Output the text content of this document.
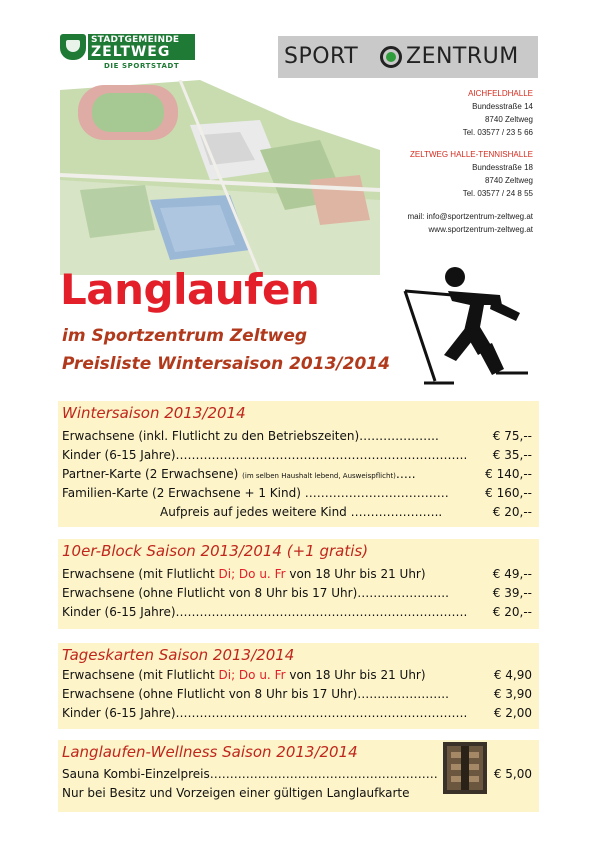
STADTGEMEINDE
ZELTWEG
DIE SPORTSTADT	SPORT ZENTRUM
AICHFELDHALLE
Bundesstraße 14
8740 Zeltweg
Tel. 03577 / 23 5 66
ZELTWEG HALLE-TENNISHALLE
Bundesstraße 18
8740 Zeltweg
Tel. 03577 / 24 8 55
mail: info@sportzentrum-zeltweg.at
www.sportzentrum-zeltweg.at
Langlaufen
im Sportzentrum Zeltweg
Preisliste Wintersaison 2013/2014
Wintersaison 2013/2014
Erwachsene (inkl. Flutlicht zu den Betriebszeiten)………………..	€ 75,--
Kinder (6-15 Jahre)………………………………………………………………. € 35,--
Partner-Karte (2 Erwachsene) (im selben Haushalt lebend, Ausweispflicht)…..	€ 140,--
Familien-Karte (2 Erwachsene + 1 Kind) ………………………………	€ 160,--
Aufpreis auf jedes weitere Kind …………………..	€ 20,--
10er-Block Saison 2013/2014 (+1 gratis)
Erwachsene (mit Flutlicht Di; Do u. Fr von 18 Uhr bis 21 Uhr)	€ 49,--
Erwachsene (ohne Flutlicht von 8 Uhr bis 17 Uhr)…………………..	€ 39,--
Kinder (6-15 Jahre)………………………………………………………………. € 20,--
Tageskarten Saison 2013/2014
Erwachsene (mit Flutlicht Di; Do u. Fr von 18 Uhr bis 21 Uhr)	€ 4,90
Erwachsene (ohne Flutlicht von 8 Uhr bis 17 Uhr)…………………..	€ 3,90
Kinder (6-15 Jahre)………………………………………………………………. € 2,00
Langlaufen-Wellness Saison 2013/2014
Sauna Kombi-Einzelpreis…………………………………………………	€ 5,00
Nur bei Besitz und Vorzeigen einer gültigen Langlaufkarte
